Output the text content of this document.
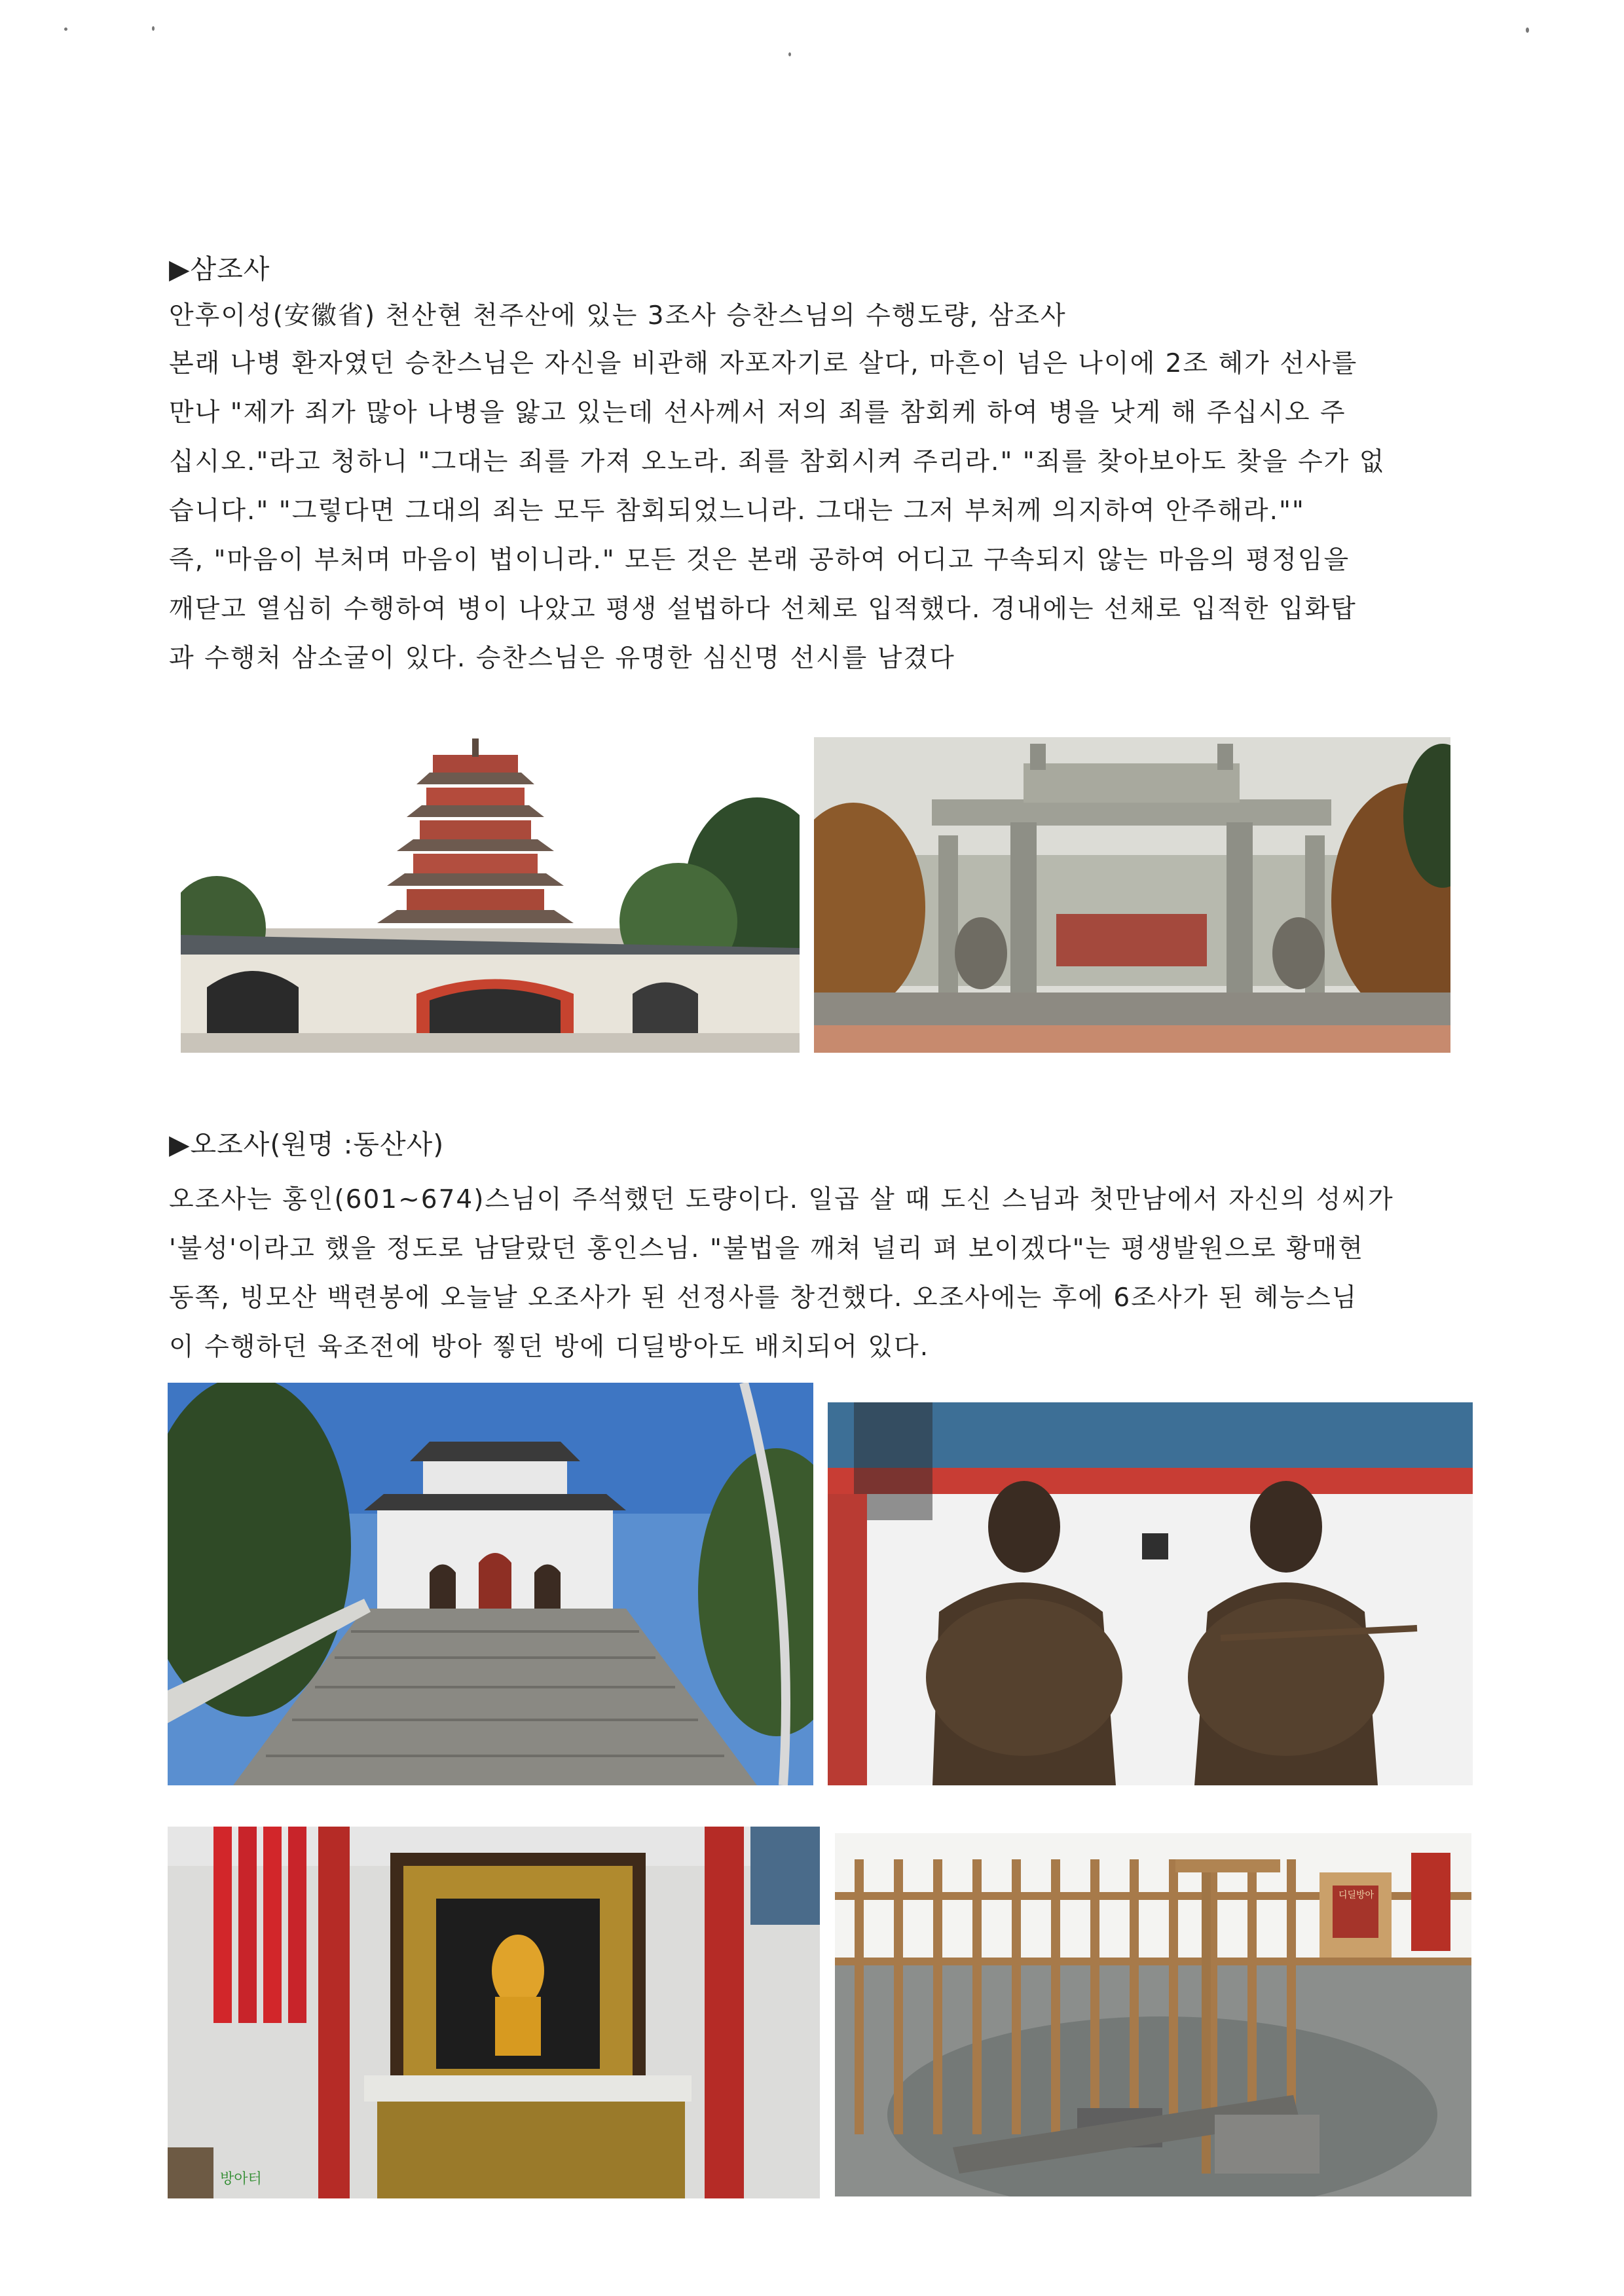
▶삼조사

안후이성(安徽省) 천산현 천주산에 있는 3조사 승찬스님의 수행도량, 삼조사

본래 나병 환자였던 승찬스님은 자신을 비관해 자포자기로 살다, 마흔이 넘은 나이에 2조 혜가 선사를
만나 "제가 죄가 많아 나병을 앓고 있는데 선사께서 저의 죄를 참회케 하여 병을 낫게 해 주십시오 주
십시오."라고 청하니 "그대는 죄를 가져 오노라. 죄를 참회시켜 주리라." "죄를 찾아보아도 찾을 수가 없
습니다." "그렇다면 그대의 죄는 모두 참회되었느니라. 그대는 그저 부처께 의지하여 안주해라.""
즉, "마음이 부처며 마음이 법이니라." 모든 것은 본래 공하여 어디고 구속되지 않는 마음의 평정임을
깨닫고 열심히 수행하여 병이 나았고 평생 설법하다 선체로 입적했다. 경내에는 선채로 입적한 입화탑
과 수행처 삼소굴이 있다. 승찬스님은 유명한 심신명 선시를 남겼다
▶오조사(원명 :동산사)
오조사는 홍인(601~674)스님이 주석했던 도량이다. 일곱 살 때 도신 스님과 첫만남에서 자신의 성씨가
'불성'이라고 했을 정도로 남달랐던 홍인스님. "불법을 깨쳐 널리 펴 보이겠다"는 평생발원으로 황매현
동쪽, 빙모산 백련봉에 오늘날 오조사가 된 선정사를 창건했다. 오조사에는 후에 6조사가 된 혜능스님
이 수행하던 육조전에 방아 찧던 방에 디딜방아도 배치되어 있다.
방아터
디딜방아
